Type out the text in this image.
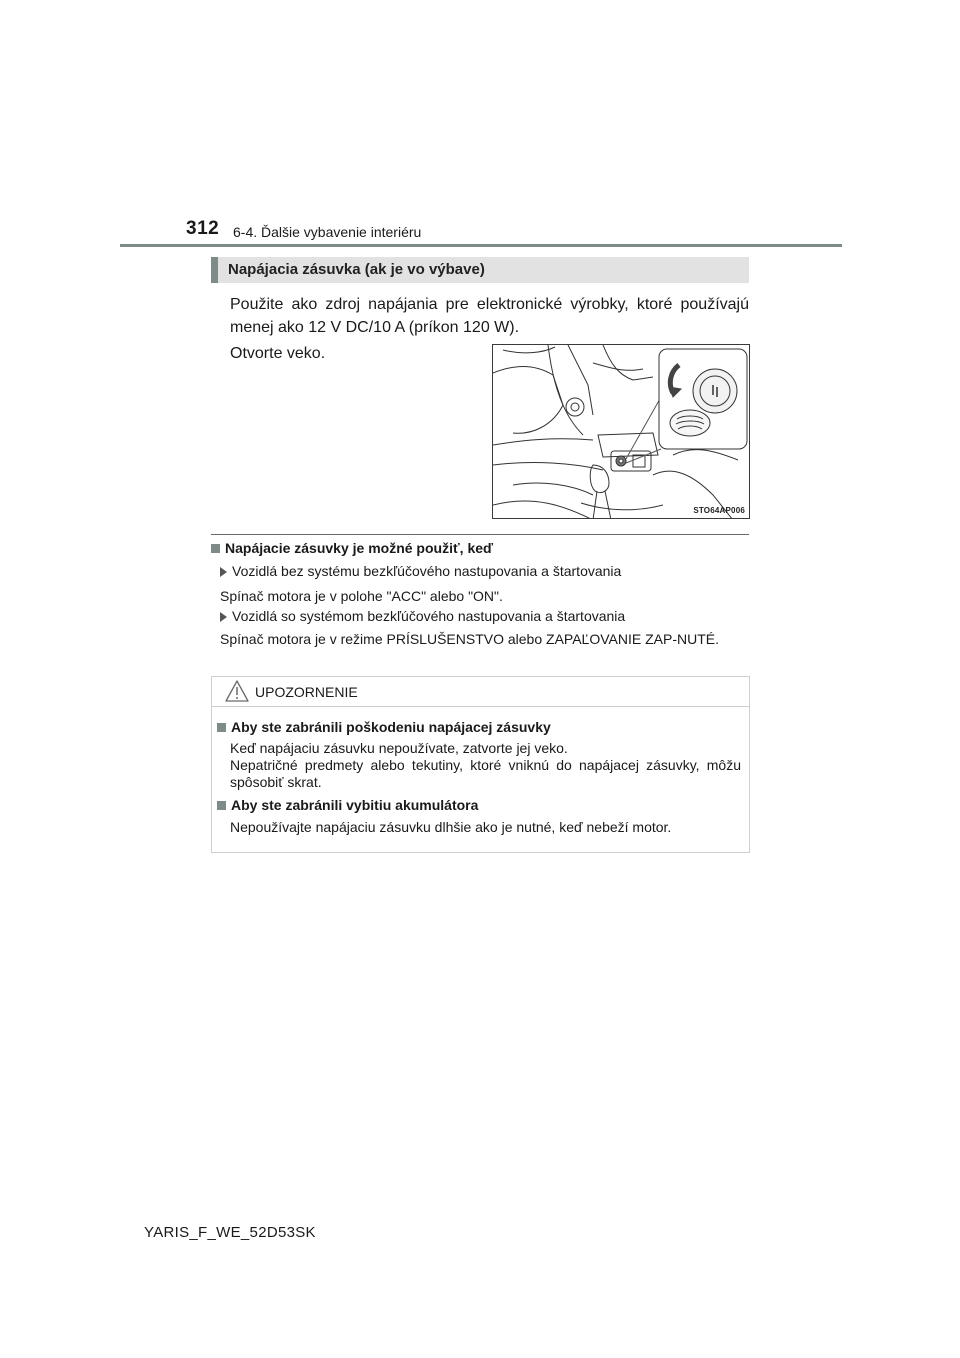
312 6-4. Ďalšie vybavenie interiéru
Napájacia zásuvka (ak je vo výbave)
Použite ako zdroj napájania pre elektronické výrobky, ktoré používajú menej ako 12 V DC/10 A (príkon 120 W).
Otvorte veko.
STO64AP006
Napájacie zásuvky je možné použiť, keď
Vozidlá bez systému bezkľúčového nastupovania a štartovania
Spínač motora je v polohe "ACC" alebo "ON".
Vozidlá so systémom bezkľúčového nastupovania a štartovania
Spínač motora je v režime PRÍSLUŠENSTVO alebo ZAPAĽOVANIE ZAP-NUTÉ.
UPOZORNENIE
Aby ste zabránili poškodeniu napájacej zásuvky
Keď napájaciu zásuvku nepoužívate, zatvorte jej veko.
Nepatričné predmety alebo tekutiny, ktoré vniknú do napájacej zásuvky, môžu spôsobiť skrat.
Aby ste zabránili vybitiu akumulátora
Nepoužívajte napájaciu zásuvku dlhšie ako je nutné, keď nebeží motor.
YARIS_F_WE_52D53SK
